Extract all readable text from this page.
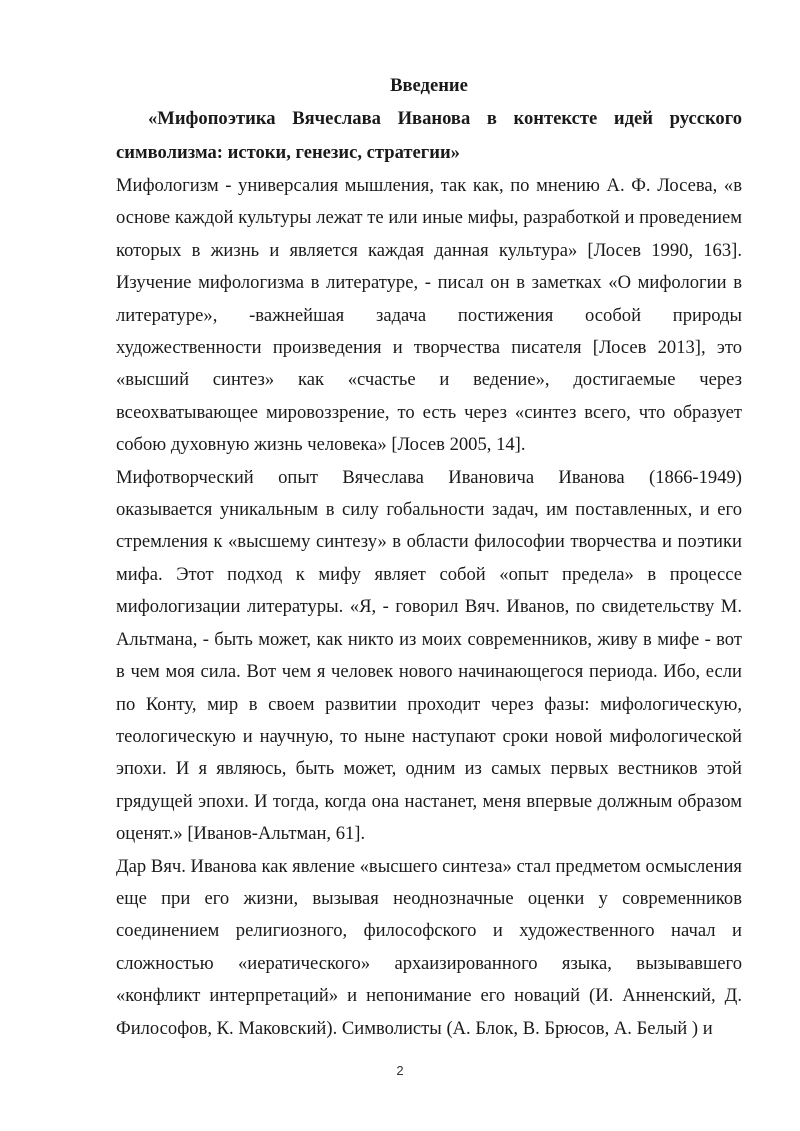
Введение

«Мифопоэтика Вячеслава Иванова в контексте идей русского символизма: истоки, генезис, стратегии»

Мифологизм - универсалия мышления, так как, по мнению А. Ф. Лосева, «в основе каждой культуры лежат те или иные мифы, разработкой и проведением которых в жизнь и является каждая данная культура» [Лосев 1990, 163]. Изучение мифологизма в литературе, - писал он в заметках «О мифологии в литературе», -важнейшая задача постижения особой природы художественности произведения и творчества писателя [Лосев 2013], это «высший синтез» как «счастье и ведение», достигаемые через всеохватывающее мировоззрение, то есть через «синтез всего, что образует собою духовную жизнь человека» [Лосев 2005, 14].

Мифотворческий опыт Вячеслава Ивановича Иванова (1866-1949) оказывается уникальным в силу гобальности задач, им поставленных, и его стремления к «высшему синтезу» в области философии творчества и поэтики мифа. Этот подход к мифу являет собой «опыт предела» в процессе мифологизации литературы. «Я, - говорил Вяч. Иванов, по свидетельству М. Альтмана, - быть может, как никто из моих современников, живу в мифе - вот в чем моя сила. Вот чем я человек нового начинающегося периода. Ибо, если по Конту, мир в своем развитии проходит через фазы: мифологическую, теологическую и научную, то ныне наступают сроки новой мифологической эпохи. И я являюсь, быть может, одним из самых первых вестников этой грядущей эпохи. И тогда, когда она настанет, меня впервые должным образом оценят.» [Иванов-Альтман, 61].

Дар Вяч. Иванова как явление «высшего синтеза» стал предметом осмысления еще при его жизни, вызывая неоднозначные оценки у современников соединением религиозного, философского и художественного начал и сложностью «иератического» архаизированного языка, вызывавшего «конфликт интерпретаций» и непонимание его новаций (И. Анненский, Д. Философов, К. Маковский). Символисты (А. Блок, В. Брюсов, А. Белый ) и

2
